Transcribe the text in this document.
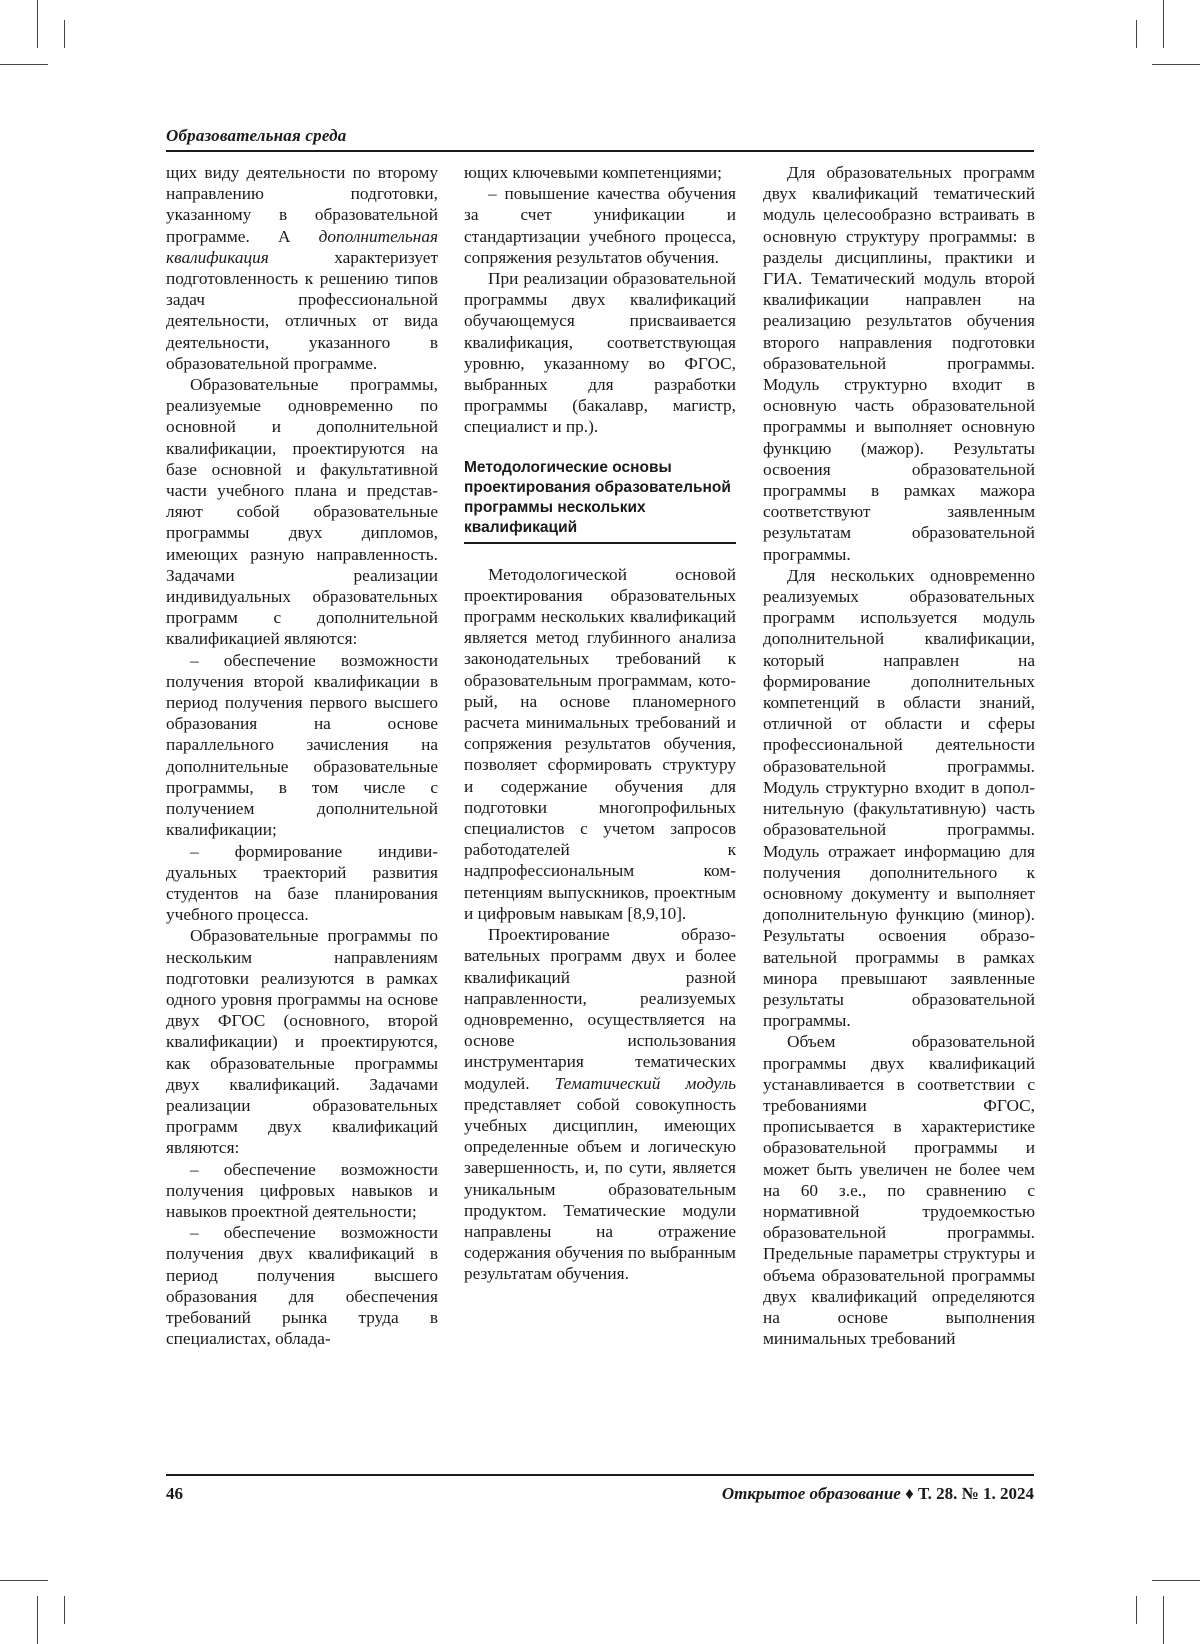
Образовательная среда

щих виду деятельности по второму направлению подготовки, указанному в образовательной программе. А дополнительная квалификация характеризует подготовленность к решению типов задач профессиональной деятельности, отличных от вида деятельности, указанного в образовательной программе.

Образовательные программы, реализуемые одновременно по основной и дополнительной квалификации, проектируются на базе основной и факультативной части учебного плана и представляют собой образовательные программы двух дипломов, имеющих разную направленность. Задачами реализации индивидуальных образовательных программ с дополнительной квалификацией являются:

– обеспечение возможности получения второй квалификации в период получения первого высшего образования на основе параллельного зачисления на дополнительные образовательные программы, в том числе с получением дополнительной квалификации;

– формирование индивидуальных траекторий развития студентов на базе планирования учебного процесса.

Образовательные программы по нескольким направлениям подготовки реализуются в рамках одного уровня программы на основе двух ФГОС (основного, второй квалификации) и проектируются, как образовательные программы двух квалификаций. Задачами реализации образовательных программ двух квалификаций являются:

– обеспечение возможности получения цифровых навыков и навыков проектной деятельности;

– обеспечение возможности получения двух квалификаций в период получения высшего образования для обеспечения требований рынка труда в специалистах, облада-

ющих ключевыми компетенциями;

– повышение качества обучения за счет унификации и стандартизации учебного процесса, сопряжения результатов обучения.

При реализации образовательной программы двух квалификаций обучающемуся присваивается квалификация, соответствующая уровню, указанному во ФГОС, выбранных для разработки программы (бакалавр, магистр, специалист и пр.).

Методологические основы проектирования образовательной программы нескольких квалификаций

Методологической основой проектирования образовательных программ нескольких квалификаций является метод глубинного анализа законодательных требований к образовательным программам, который, на основе планомерного расчета минимальных требований и сопряжения результатов обучения, позволяет сформировать структуру и содержание обучения для подготовки многопрофильных специалистов с учетом запросов работодателей к надпрофессиональным компетенциям выпускников, проектным и цифровым навыкам [8,9,10].

Проектирование образовательных программ двух и более квалификаций разной направленности, реализуемых одновременно, осуществляется на основе использования инструментария тематических модулей. Тематический модуль представляет собой совокупность учебных дисциплин, имеющих определенные объем и логическую завершенность, и, по сути, является уникальным образовательным продуктом. Тематические модули направлены на отражение содержания обучения по выбранным результатам обучения.

Для образовательных программ двух квалификаций тематический модуль целесообразно встраивать в основную структуру программы: в разделы дисциплины, практики и ГИА. Тематический модуль второй квалификации направлен на реализацию результатов обучения второго направления подготовки образовательной программы. Модуль структурно входит в основную часть образовательной программы и выполняет основную функцию (мажор). Результаты освоения образовательной программы в рамках мажора соответствуют заявленным результатам образовательной программы.

Для нескольких одновременно реализуемых образовательных программ используется модуль дополнительной квалификации, который направлен на формирование дополнительных компетенций в области знаний, отличной от области и сферы профессиональной деятельности образовательной программы. Модуль структурно входит в дополнительную (факультативную) часть образовательной программы. Модуль отражает информацию для получения дополнительного к основному документу и выполняет дополнительную функцию (минор). Результаты освоения образовательной программы в рамках минора превышают заявленные результаты образовательной программы.

Объем образовательной программы двух квалификаций устанавливается в соответствии с требованиями ФГОС, прописывается в характеристике образовательной программы и может быть увеличен не более чем на 60 з.е., по сравнению с нормативной трудоемкостью образовательной программы. Предельные параметры структуры и объема образовательной программы двух квалификаций определяются на основе выполнения минимальных требований

46	Открытое образование ♦ Т. 28. № 1. 2024
